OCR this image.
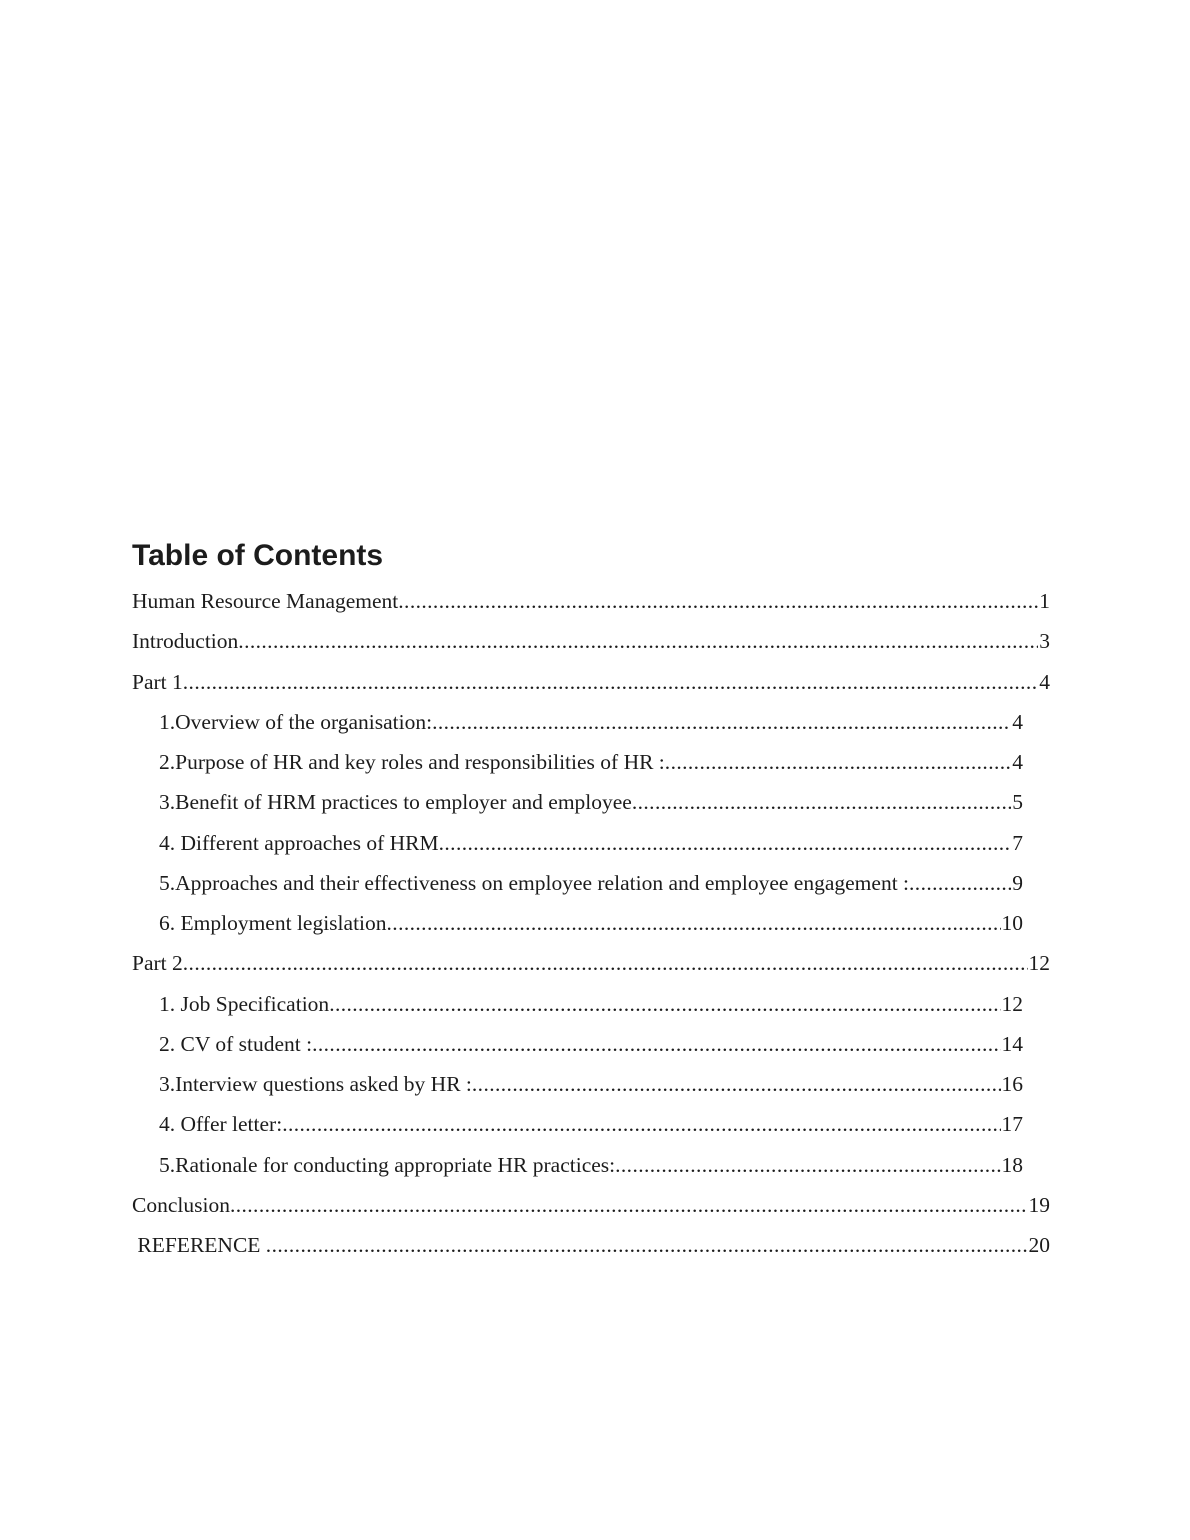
Table of Contents
Human Resource Management .....	1
Introduction .....	3
Part 1 .....	4
1.Overview of the organisation: .....	4
2.Purpose of HR and key roles and responsibilities of HR : .....	4
3.Benefit of HRM practices to employer and employee .....	5
4. Different approaches of HRM .....	7
5.Approaches and their effectiveness on employee relation and employee engagement : .....	9
6. Employment legislation .....	10
Part 2 .....	12
1. Job Specification .....	12
2. CV of student : .....	14
3.Interview questions asked by HR : .....	16
4. Offer letter: .....	17
5.Rationale for conducting appropriate HR practices: .....	18
Conclusion .....	19
REFERENCE .....	20
